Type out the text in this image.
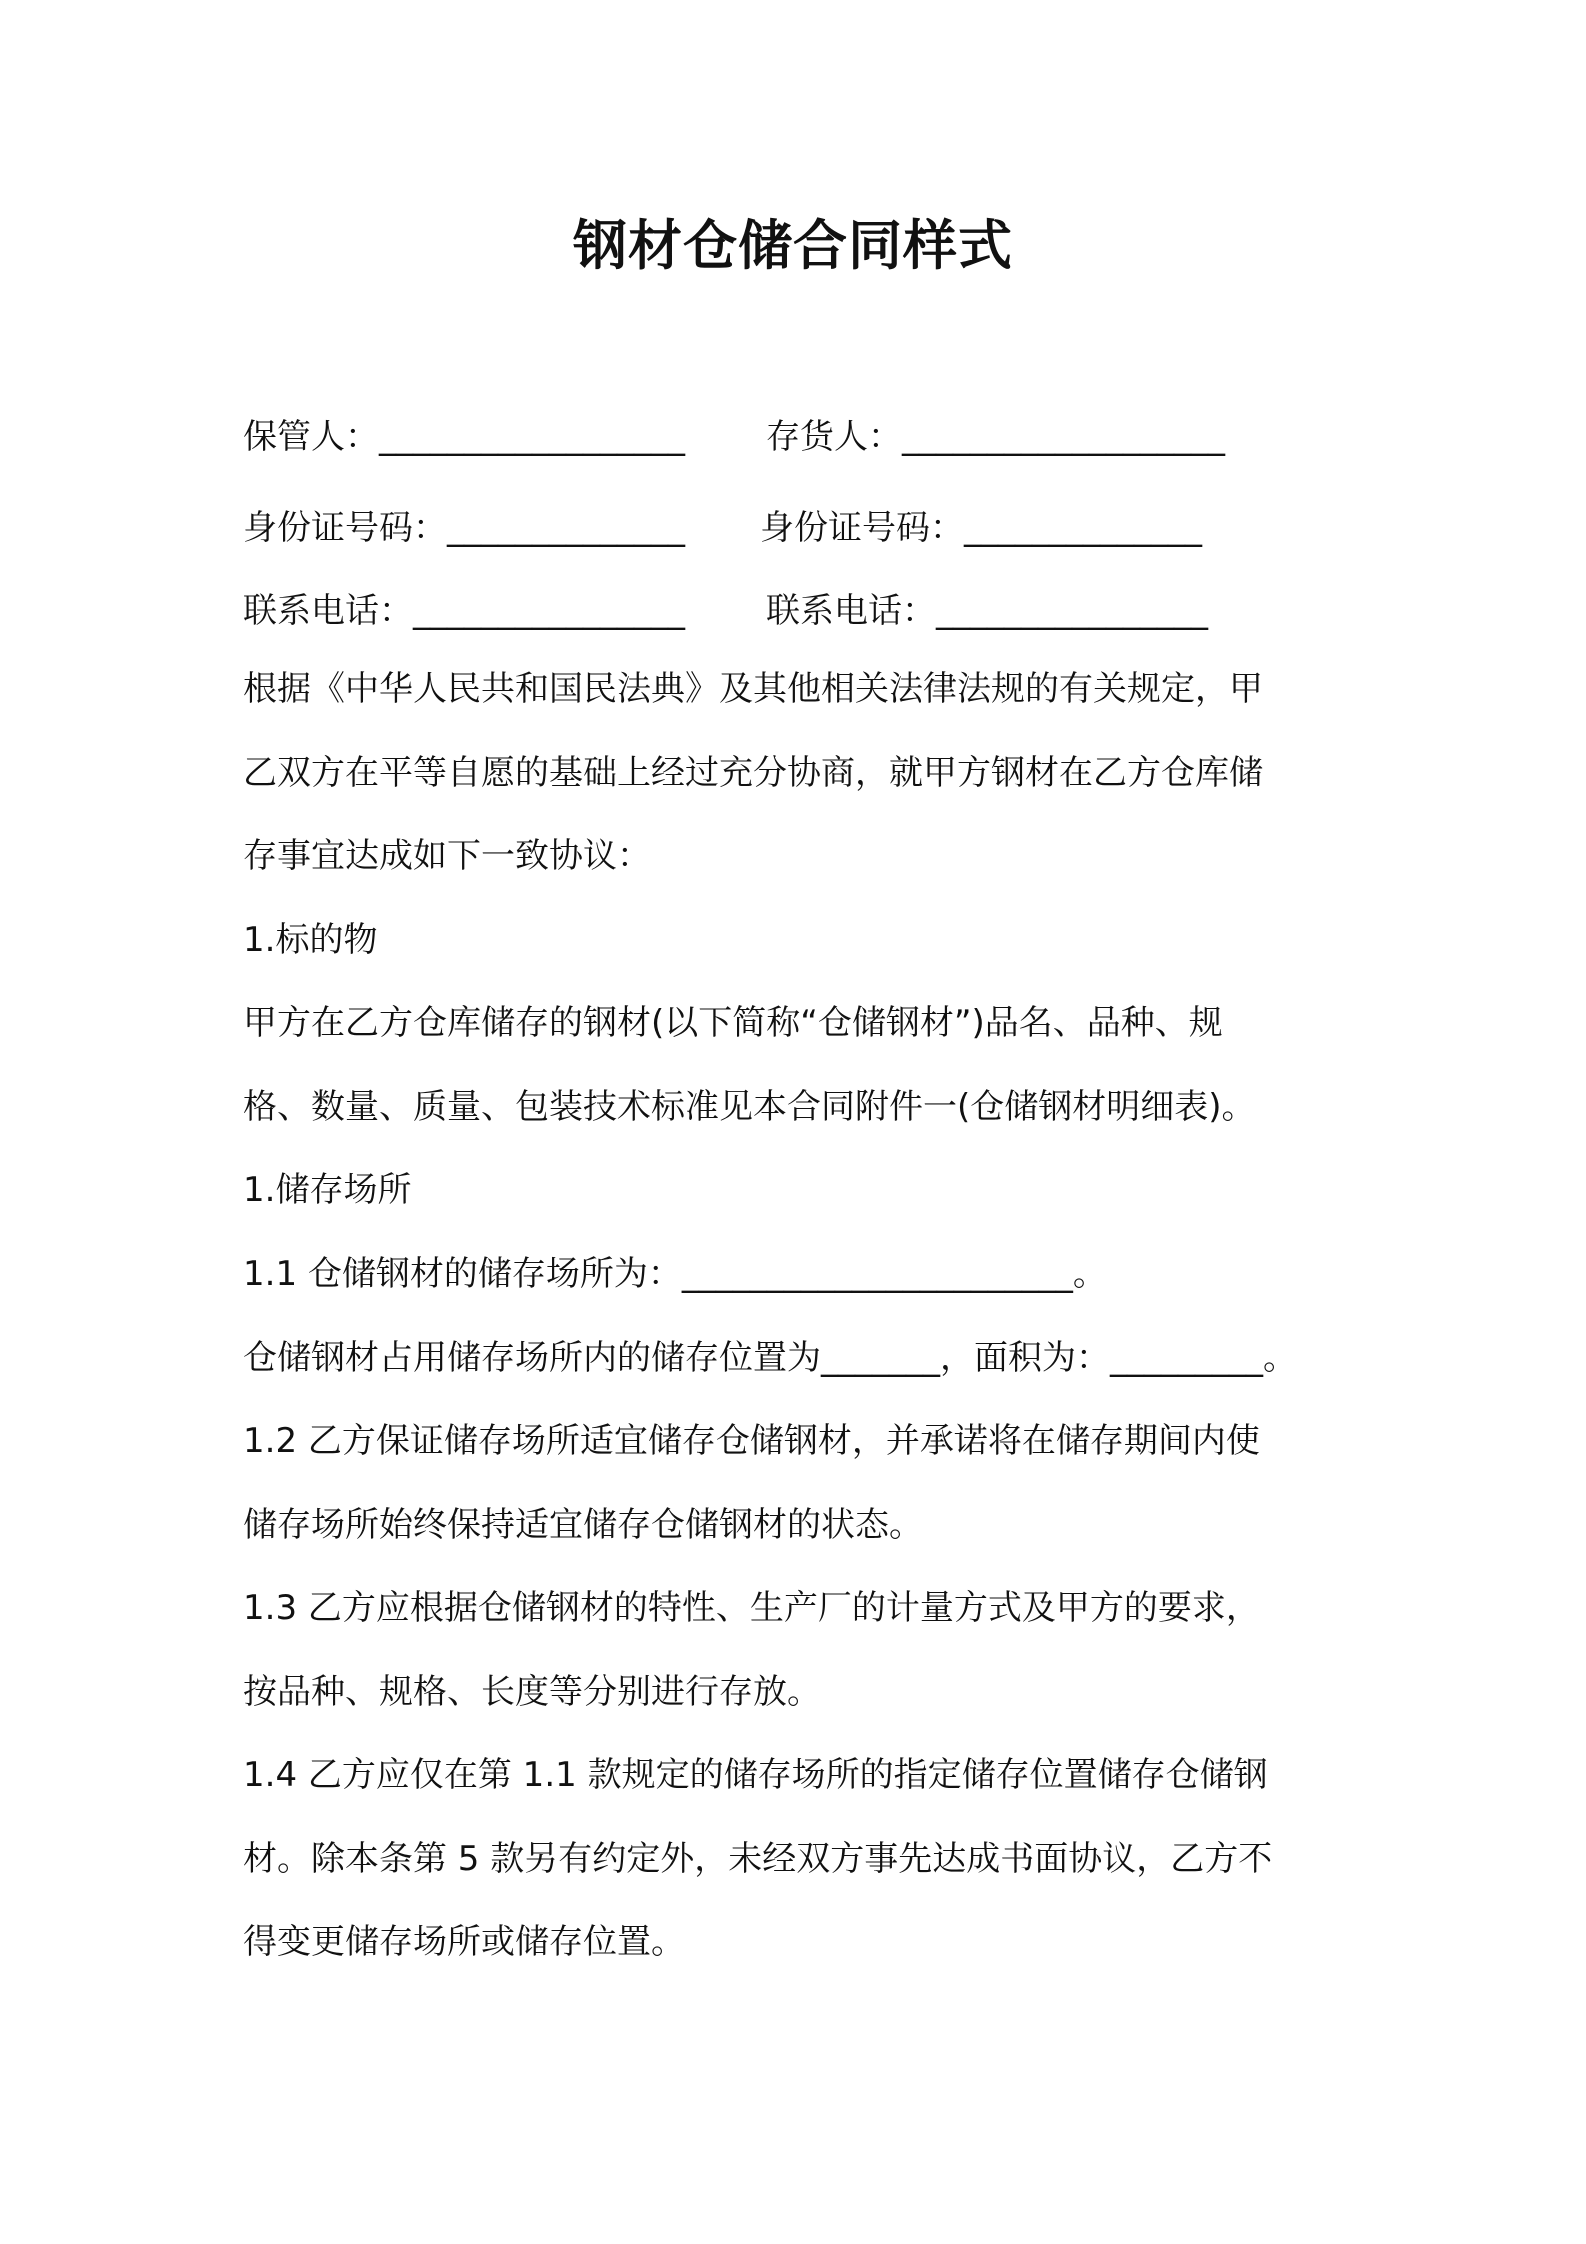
钢材仓储合同样式
保管人：__________________ 存货人：___________________
身份证号码：______________ 身份证号码：______________
联系电话：________________ 联系电话：________________
根据《中华人民共和国民法典》及其他相关法律法规的有关规定，甲
乙双方在平等自愿的基础上经过充分协商，就甲方钢材在乙方仓库储
存事宜达成如下一致协议：
1.标的物
甲方在乙方仓库储存的钢材(以下简称“仓储钢材”)品名、品种、规
格、数量、质量、包装技术标准见本合同附件一(仓储钢材明细表)。
1.储存场所
1.1 仓储钢材的储存场所为：_______________________。
仓储钢材占用储存场所内的储存位置为_______，面积为：_________。
1.2 乙方保证储存场所适宜储存仓储钢材，并承诺将在储存期间内使
储存场所始终保持适宜储存仓储钢材的状态。
1.3 乙方应根据仓储钢材的特性、生产厂的计量方式及甲方的要求，
按品种、规格、长度等分别进行存放。
1.4 乙方应仅在第 1.1 款规定的储存场所的指定储存位置储存仓储钢
材。除本条第 5 款另有约定外，未经双方事先达成书面协议，乙方不
得变更储存场所或储存位置。
